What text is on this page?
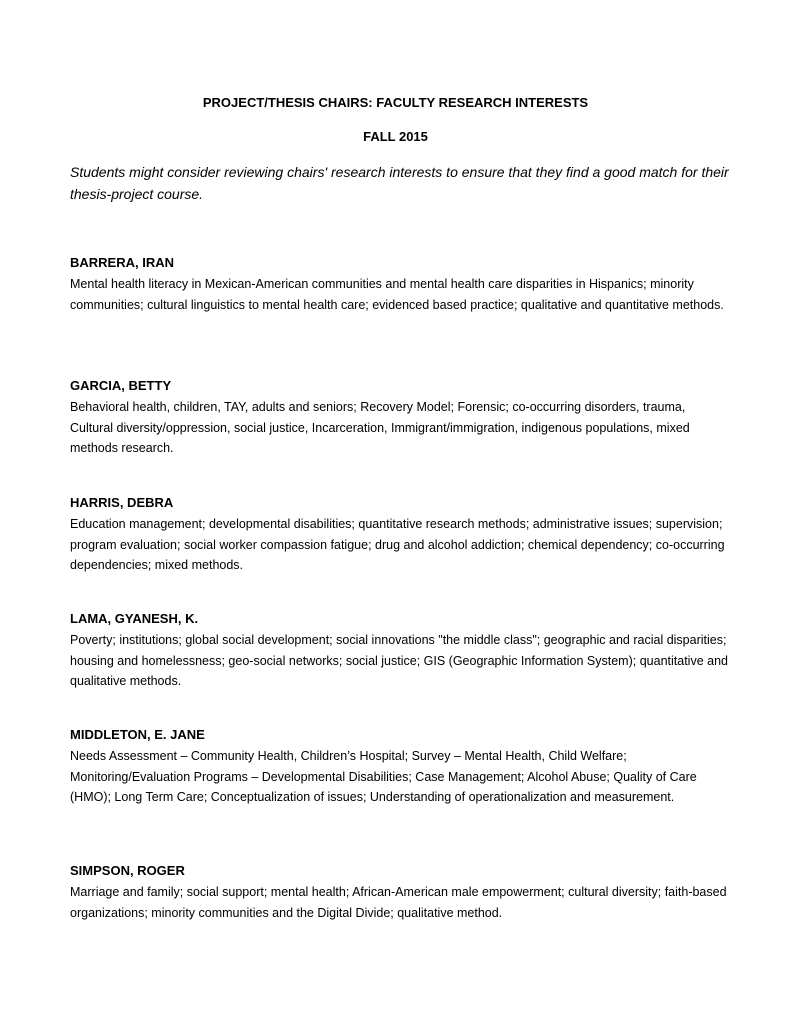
PROJECT/THESIS CHAIRS: FACULTY RESEARCH INTERESTS
FALL 2015
Students might consider reviewing chairs' research interests to ensure that they find a good match for their thesis-project course.
BARRERA, IRAN

Mental health literacy in Mexican-American communities and mental health care disparities in Hispanics; minority communities; cultural linguistics to mental health care; evidenced based practice; qualitative and quantitative methods.

GARCIA, BETTY

Behavioral health, children, TAY, adults and seniors; Recovery Model; Forensic; co-occurring disorders, trauma, Cultural diversity/oppression, social justice, Incarceration, Immigrant/immigration, indigenous populations, mixed methods research.

HARRIS, DEBRA

Education management; developmental disabilities; quantitative research methods; administrative issues; supervision; program evaluation; social worker compassion fatigue; drug and alcohol addiction; chemical dependency; co-occurring dependencies; mixed methods.

LAMA, GYANESH, K.

Poverty; institutions; global social development; social innovations "the middle class"; geographic and racial disparities; housing and homelessness; geo-social networks; social justice; GIS (Geographic Information System); quantitative and qualitative methods.

MIDDLETON, E. JANE

Needs Assessment – Community Health, Children’s Hospital; Survey – Mental Health, Child Welfare; Monitoring/Evaluation Programs – Developmental Disabilities; Case Management; Alcohol Abuse; Quality of Care (HMO); Long Term Care; Conceptualization of issues; Understanding of operationalization and measurement.

SIMPSON, ROGER

Marriage and family; social support; mental health; African-American male empowerment; cultural diversity; faith-based organizations; minority communities and the Digital Divide; qualitative method.
